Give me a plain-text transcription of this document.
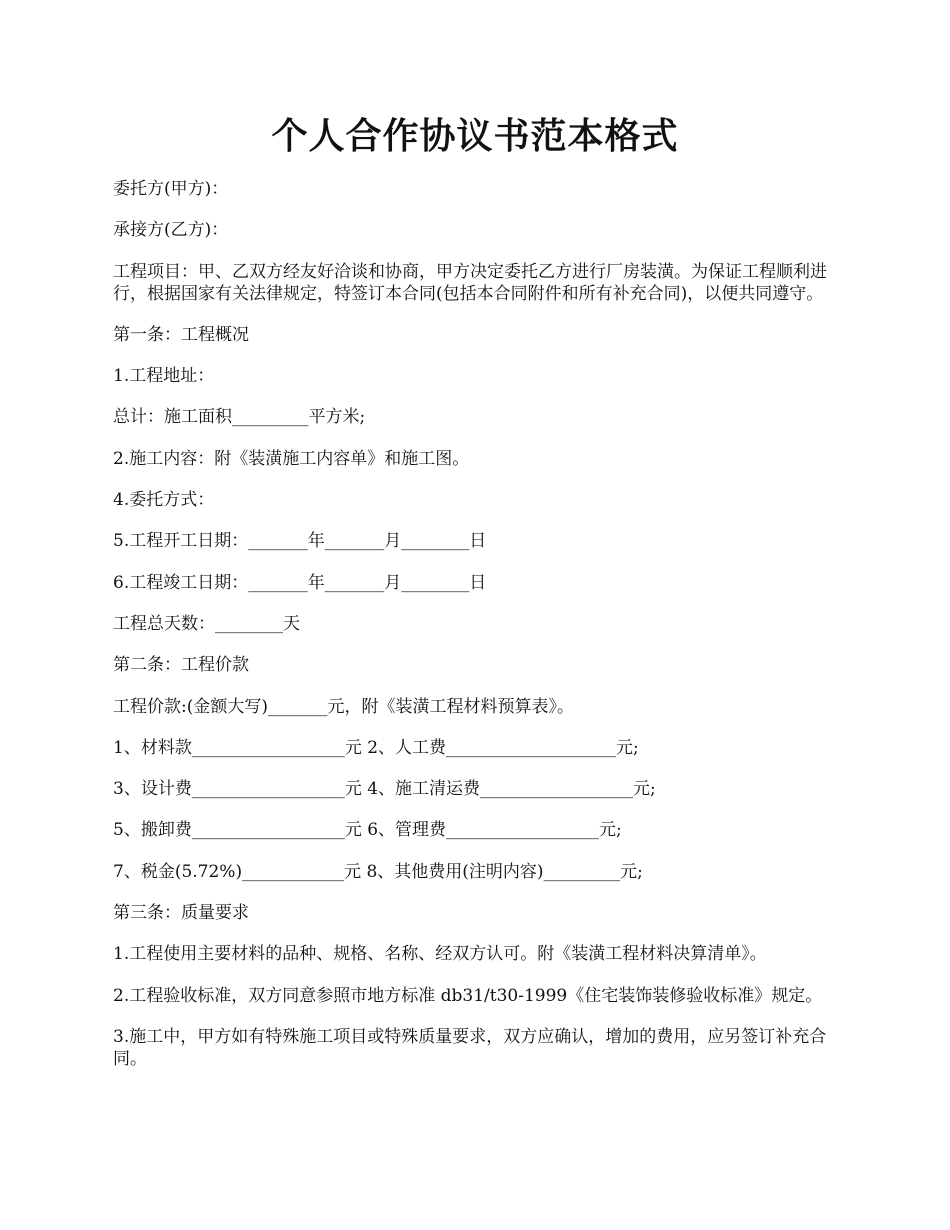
个人合作协议书范本格式

委托方(甲方)：

承接方(乙方)：

工程项目：甲、乙双方经友好洽谈和协商，甲方决定委托乙方进行厂房装潢。为保证工程顺利进行，根据国家有关法律规定，特签订本合同(包括本合同附件和所有补充合同)，以便共同遵守。

第一条：工程概况

1.工程地址：

总计：施工面积_________平方米;

2.施工内容：附《装潢施工内容单》和施工图。

4.委托方式：

5.工程开工日期：_______年_______月________日

6.工程竣工日期：_______年_______月________日

工程总天数：________天

第二条：工程价款

工程价款:(金额大写)_______元，附《装潢工程材料预算表》。

1、材料款__________________元 2、人工费____________________元;

3、设计费__________________元 4、施工清运费__________________元;

5、搬卸费__________________元 6、管理费__________________元;

7、税金(5.72%)____________元 8、其他费用(注明内容)_________元;

第三条：质量要求

1.工程使用主要材料的品种、规格、名称、经双方认可。附《装潢工程材料决算清单》。

2.工程验收标准，双方同意参照市地方标准 db31/t30-1999《住宅装饰装修验收标准》规定。

3.施工中，甲方如有特殊施工项目或特殊质量要求，双方应确认，增加的费用，应另签订补充合同。
